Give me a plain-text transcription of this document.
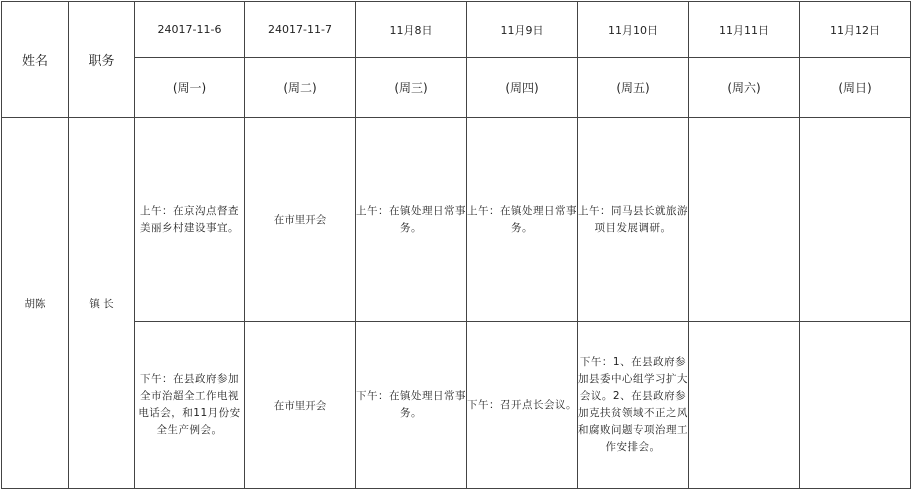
姓名	职务	24017-11-6	24017-11-7	11月8日	11月9日	11月10日	11月11日	11月12日
		(周一)	(周二)	(周三)	(周四)	(周五)	(周六)	(周日)
胡陈	镇 长	上午：在京沟点督查美丽乡村建设事宜。	在市里开会	上午：在镇处理日常事务。	上午：在镇处理日常事务。	上午：同马县长就旅游项目发展调研。		
		下午：在县政府参加全市治超全工作电视电话会，和11月份安全生产例会。	在市里开会	下午：在镇处理日常事务。	下午：召开点长会议。	下午：1、在县政府参加县委中心组学习扩大会议。2、在县政府参加克扶贫领域不正之风和腐败问题专项治理工作安排会。		
